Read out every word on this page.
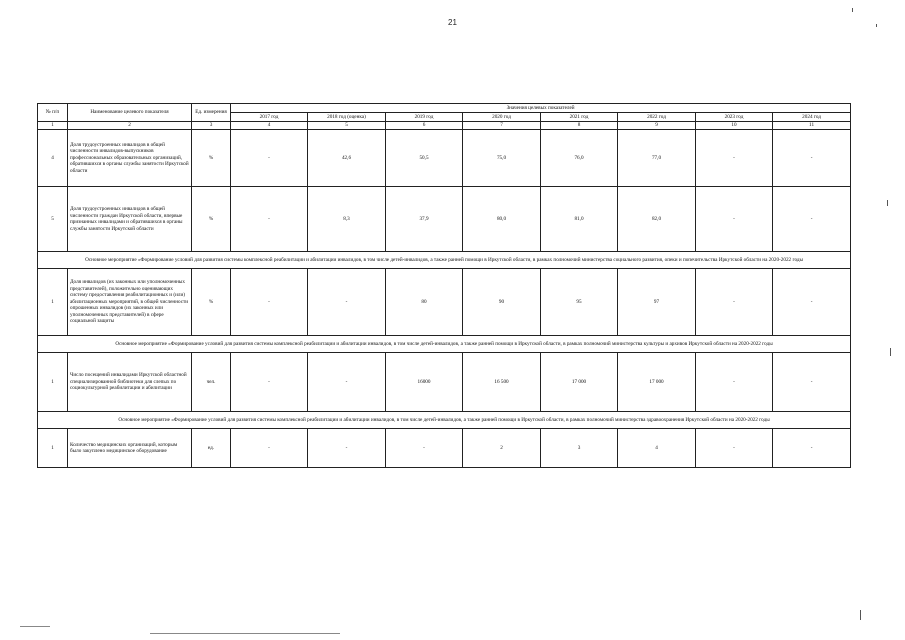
21
№ п/п	Наименование целевого показателя	Ед. измерения	Значения целевых показателей							
			2017 год	2018 год (оценка)	2019 год	2020 год	2021 год	2022 год	2023 год	2024 год
1	2	3	4	5	6	7	8	9	10	11
4	Доля трудоустроенных инвалидов в общей численности инвалидов-выпускников профессиональных образовательных организаций, обратившихся в органы службы занятости Иркутской области	%	-	42,6	50,5	75,0	76,0	77,0	-	-
5	Доля трудоустроенных инвалидов в общей численности граждан Иркутской области, впервые признанных инвалидами и обратившихся в органы службы занятости Иркутской области	%	-	8,3	37,9	80,0	81,0	82,0	-	-
Основное мероприятие «Формирование условий для развития системы комплексной реабилитации и абилитации инвалидов, в том числе детей-инвалидов, а также ранней помощи в Иркутской области, в рамках полномочий министерства социального развития, опеки и попечительства Иркутской области на 2020-2022 годы										
1	Доля инвалидов (их законных или уполномоченных представителей), положительно оценивающих систему предоставления реабилитационных и (или) абилитационных мероприятий, в общей численности опрошенных инвалидов (их законных или уполномоченных представителей) в сфере социальной защиты	%	-	-	80	90	95	97	-	-
Основное мероприятие «Формирование условий для развития системы комплексной реабилитации и абилитации инвалидов, в том числе детей-инвалидов, а также ранней помощи в Иркутской области, в рамках полномочий министерства культуры и архивов Иркутской области на 2020-2022 годы										
1	Число посещений инвалидами Иркутской областной специализированной библиотеки для слепых по социокультурной реабилитации и абилитации	чел.	-	-	16000	16 500	17 000	17 000	-	-
Основное мероприятие «Формирование условий для развития системы комплексной реабилитации и абилитации инвалидов, в том числе детей-инвалидов, а также ранней помощи в Иркутской области, в рамках полномочий министерства здравоохранения Иркутской области на 2020-2022 годы										
1	Количество медицинских организаций, которым было закуплено медицинское оборудование	ед.	-	-	-	2	3	4	-	-
